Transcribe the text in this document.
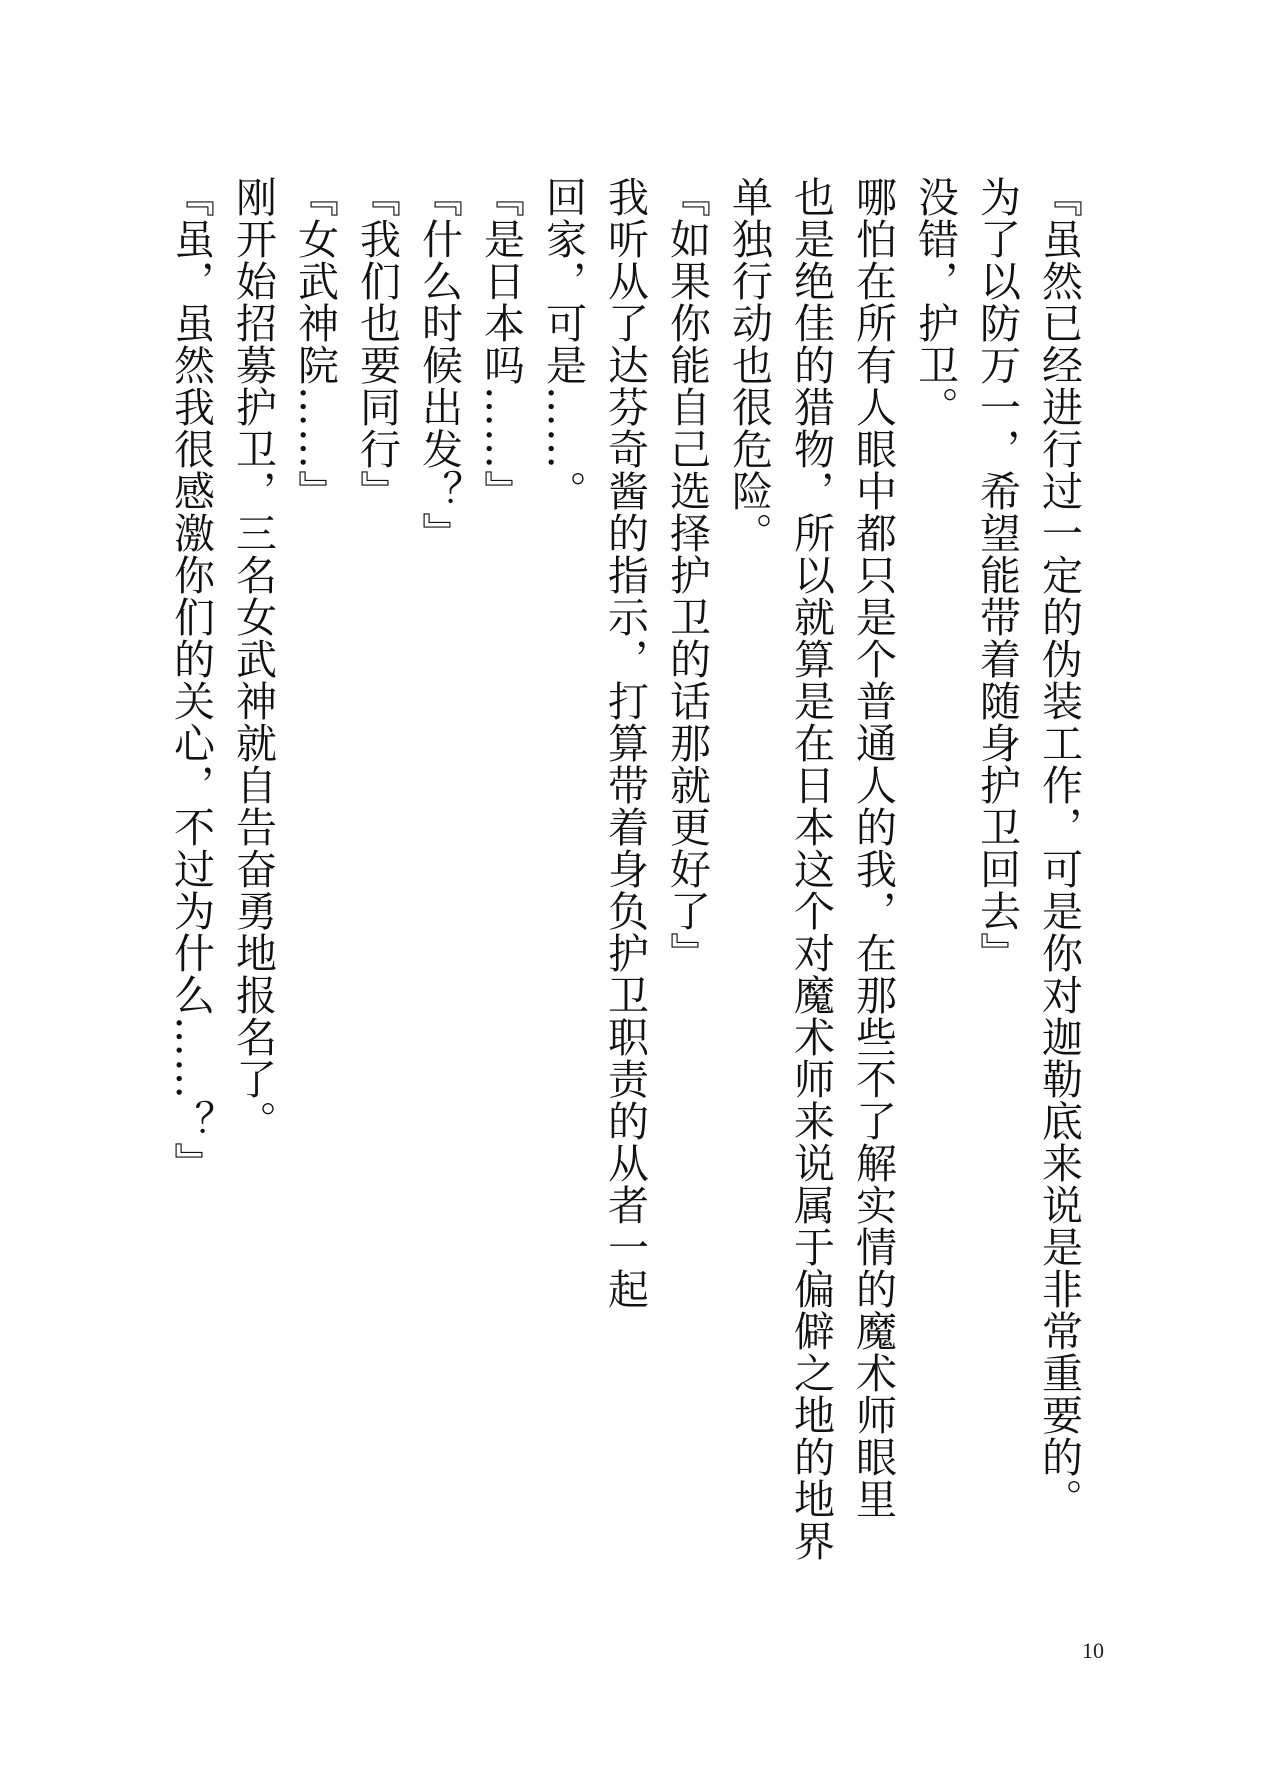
『虽然已经进行过一定的伪装工作，可是你对迦勒底来说是非常重要的。
为了以防万一，希望能带着随身护卫回去』
没错，护卫。
哪怕在所有人眼中都只是个普通人的我，在那些不了解实情的魔术师眼里
也是绝佳的猎物，所以就算是在日本这个对魔术师来说属于偏僻之地的地界
单独行动也很危险。
『如果你能自己选择护卫的话那就更好了』
我听从了达芬奇酱的指示，打算带着身负护卫职责的从者一起
回家，可是……。
『是日本吗……』
『什么时候出发？』
『我们也要同行』
『女武神院……』
刚开始招募护卫，三名女武神就自告奋勇地报名了。
『虽，虽然我很感激你们的关心，不过为什么……？』
10
